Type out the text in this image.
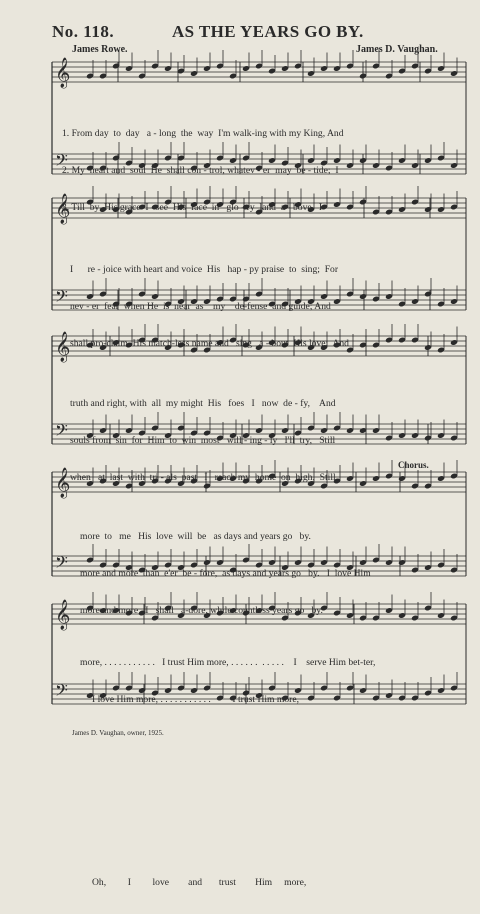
No. 118.	AS THE YEARS GO BY.
James Rowe.	James D. Vaughan.
𝄞
𝄢
𝄞
𝄢
𝄞
𝄢
𝄞
𝄢
𝄞
𝄢

1. From day  to  day   a - long  the  way  I'm walk-ing with my King, And

2. My  heart and  soul  He  shall con - trol, whatev - er  may  be - tide;  I

3. Till  by  His grace  I   see  His  face  in   glo - ry  land  a - bove,  I

I      re - joice with heart and voice  His   hap - py praise  to  sing;  For

nev - er  fear  when He  is  near  as    my    de-fense  and guide; And

shall pro-claim  His match-less name and   sing   a - bout  His love;  And

truth and right, with  all  my might  His   foes   I   now  de - fy,    And

souls from  sin  for  Him  to  win  most   will - ing - ly   I'll  try,   Still

when   at  last  with  tri - als  past   I   reach my  home  on  high,  Still

Chorus.

more  to   me   His  love  will  be   as days and years go   by.

more and more  than  e'er  be - fore,  as days and years go   by.   I  love Him

more and more   I   shall   a-dore, while countless years go   by.

more, . . . . . . . . . . .   I trust Him more, . . . . . .  . . . . .    I    serve Him bet-ter,

I love Him more, . . . . . . . . . . .         I trust Him more,

Oh,         I         love        and       trust        Him     more,

James D. Vaughan, owner, 1925.
